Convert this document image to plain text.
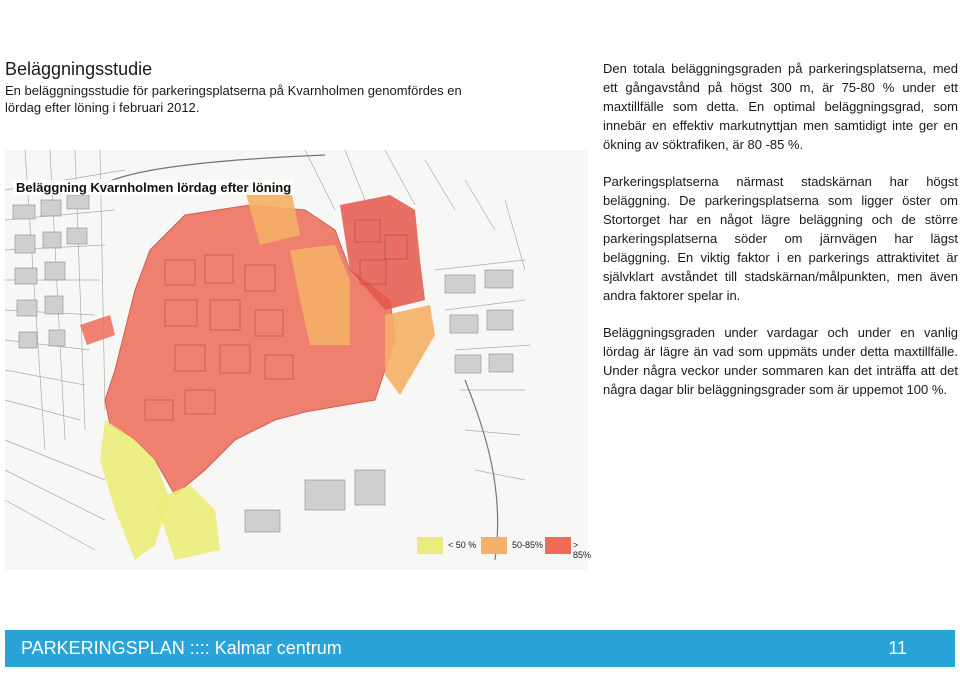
Beläggningsstudie

En beläggningsstudie för parkeringsplatserna på Kvarnholmen genomfördes en lördag efter löning i februari 2012.

Den totala beläggningsgraden på parkeringsplatserna, med ett gångavstånd på högst 300 m, är 75-80 % under ett maxtillfälle som detta. En optimal beläggningsgrad, som innebär en effektiv markutnyttjan men samtidigt inte ger en ökning av söktrafiken, är 80 -85 %.

Parkeringsplatserna närmast stadskärnan har högst beläggning. De parkeringsplatserna som ligger öster om Stortorget har en något lägre beläggning och de större parkeringsplatserna söder om järnvägen har lägst beläggning. En viktig faktor i en parkerings attraktivitet är självklart avståndet till stadskärnan/målpunkten, men även andra faktorer spelar in.

Beläggningsgraden under vardagar och under en vanlig lördag är lägre än vad som uppmäts under detta maxtillfälle. Under några veckor under sommaren kan det inträffa att det några dagar blir beläggningsgrader som är uppemot 100 %.

Beläggning Kvarnholmen lördag efter löning
< 50 %	50-85%	> 85%
PARKERINGSPLAN :::: Kalmar centrum	11
